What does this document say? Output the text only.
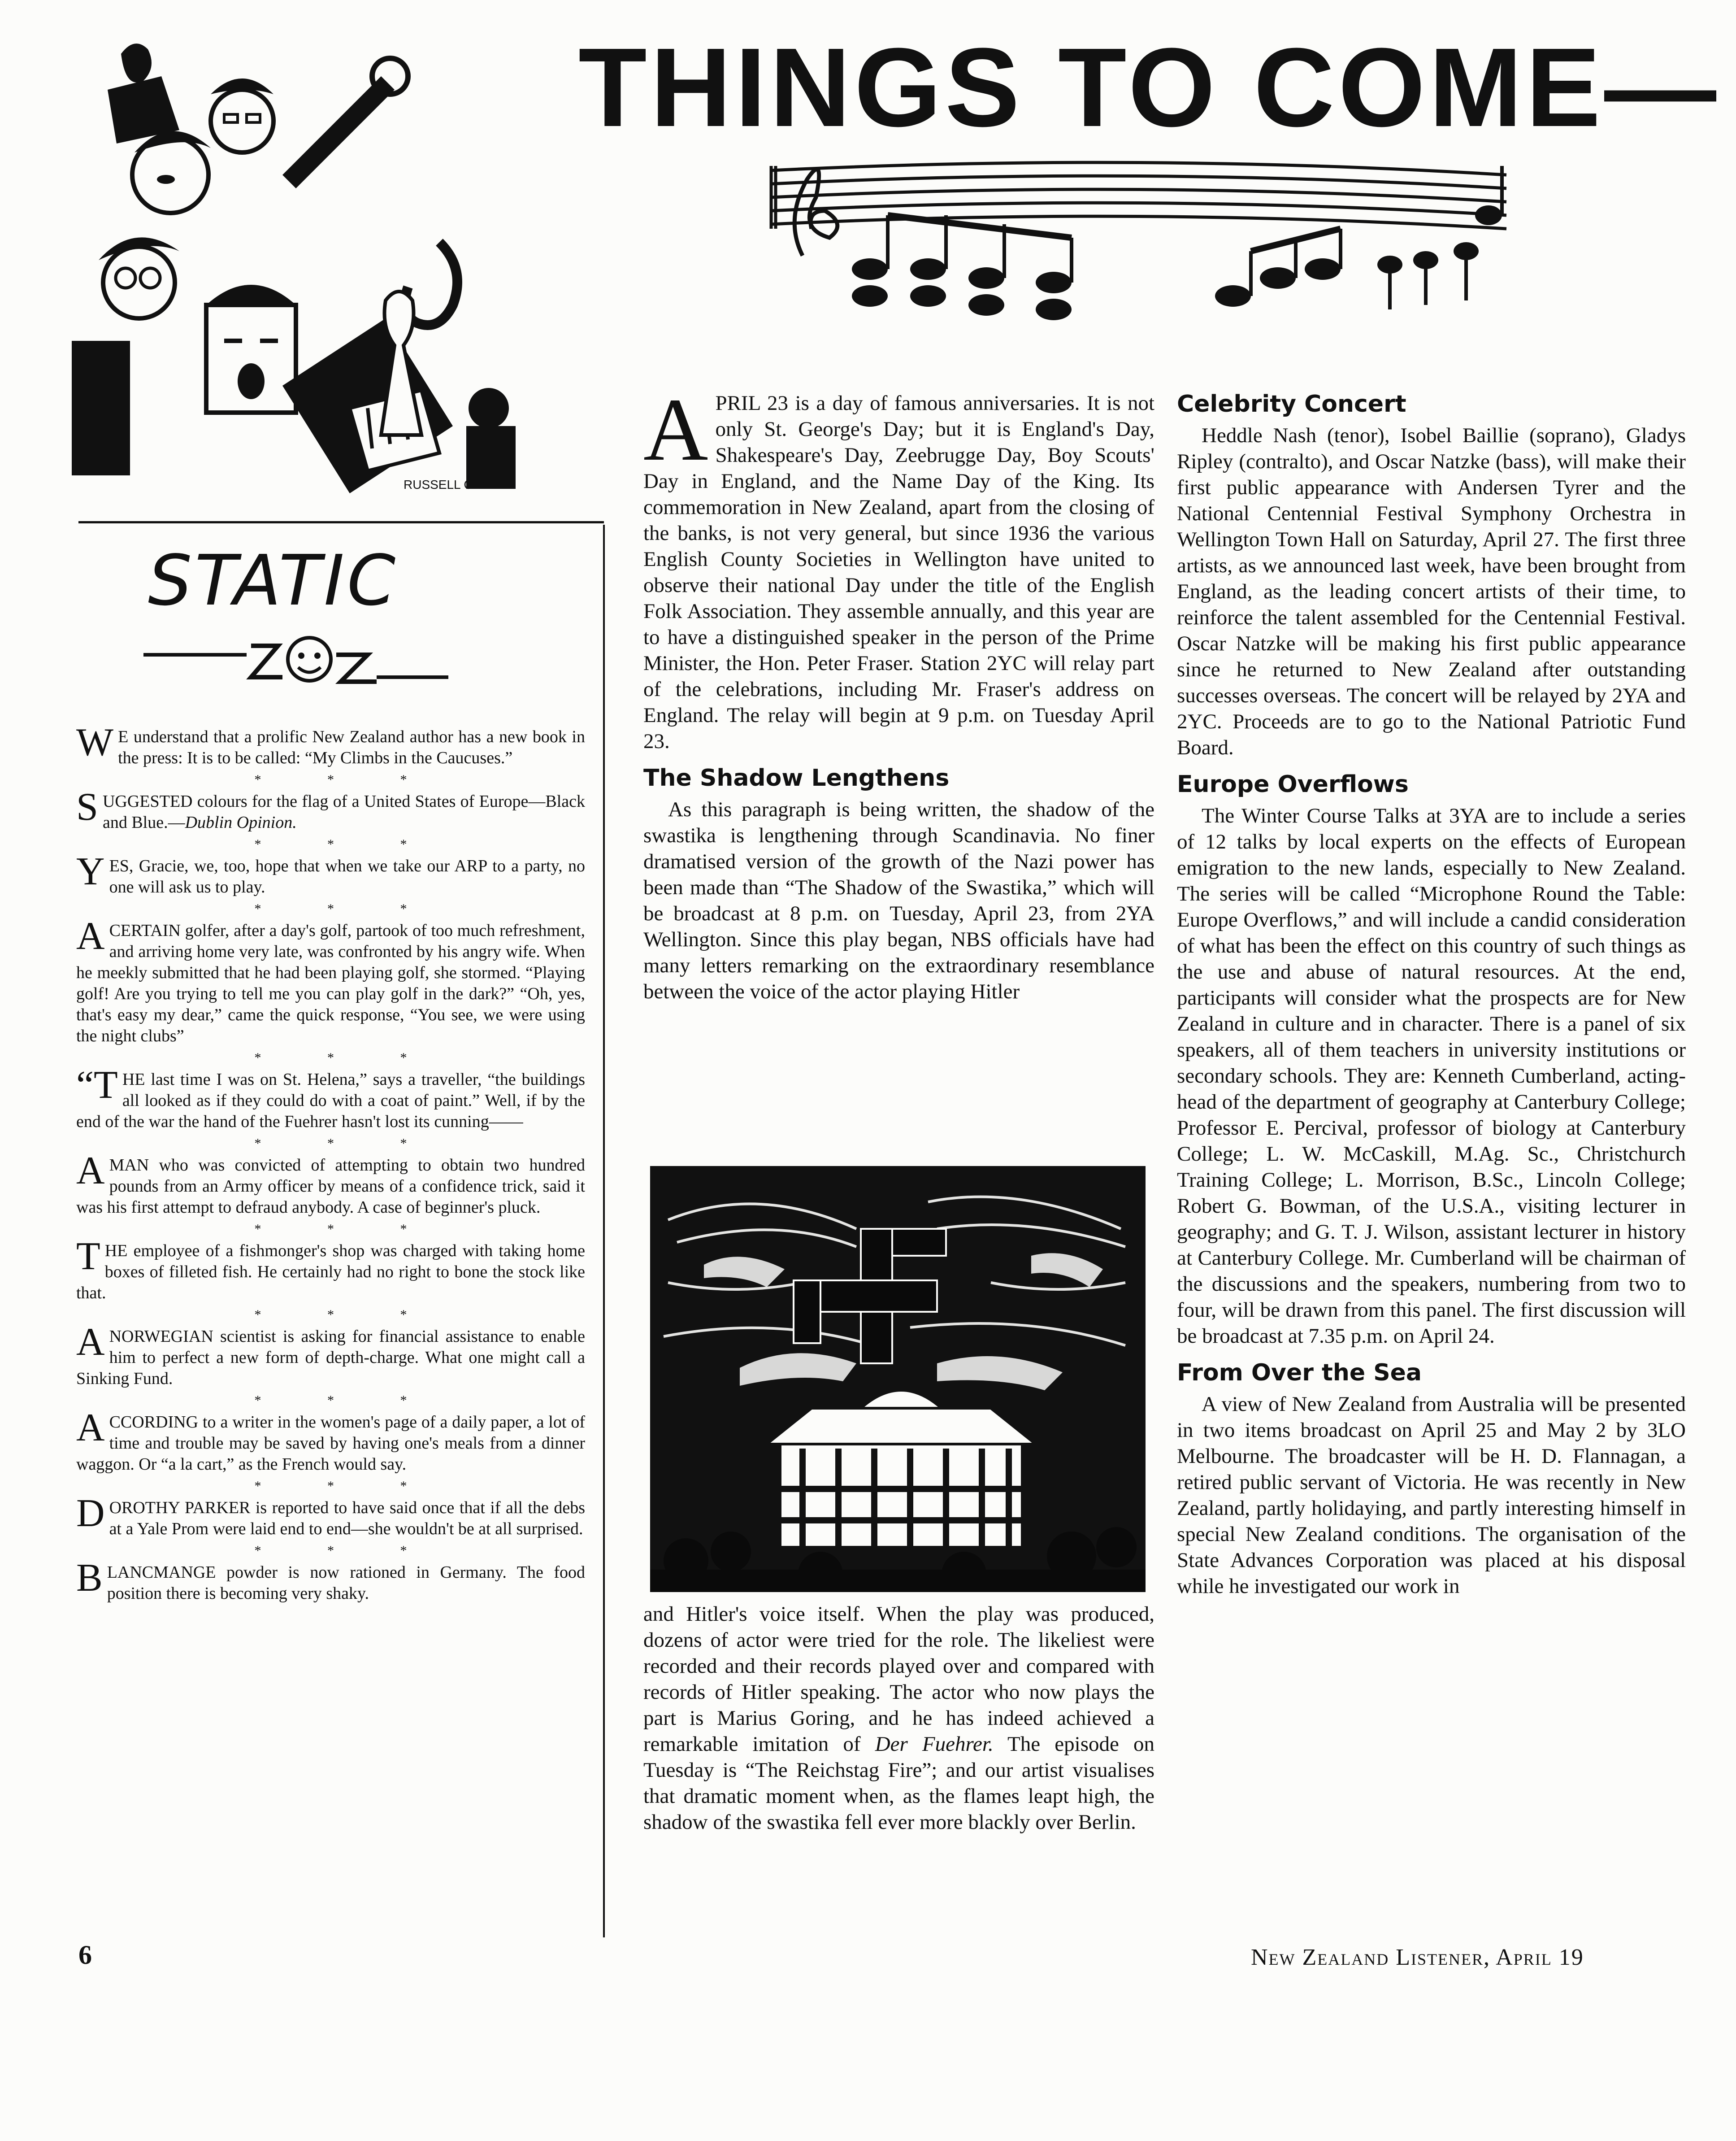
RUSSELL CLARK
THINGS TO COME—
STATIC

W E understand that a prolific New Zealand author has a new book in the press: It is to be called: “My Climbs in the Caucuses.”

* * *

SUGGESTED colours for the flag of a United States of Europe—Black and Blue.—Dublin Opinion.

* * *

YES, Gracie, we, too, hope that when we take our ARP to a party, no one will ask us to play.

* * *

A CERTAIN golfer, after a day's golf, partook of too much refreshment, and arriving home very late, was confronted by his angry wife. When he meekly submitted that he had been playing golf, she stormed. “Playing golf! Are you trying to tell me you can play golf in the dark?” “Oh, yes, that's easy my dear,” came the quick response, “You see, we were using the night clubs”

* * *

“THE last time I was on St. Helena,” says a traveller, “the buildings all looked as if they could do with a coat of paint.” Well, if by the end of the war the hand of the Fuehrer hasn't lost its cunning——

* * *

A MAN who was convicted of attempting to obtain two hundred pounds from an Army officer by means of a confidence trick, said it was his first attempt to defraud anybody. A case of beginner's pluck.

* * *

THE employee of a fishmonger's shop was charged with taking home boxes of filleted fish. He certainly had no right to bone the stock like that.

* * *

A NORWEGIAN scientist is asking for financial assistance to enable him to perfect a new form of depth-charge. What one might call a Sinking Fund.

* * *

ACCORDING to a writer in the women's page of a daily paper, a lot of time and trouble may be saved by having one's meals from a dinner waggon. Or “a la cart,” as the French would say.

* * *

DOROTHY PARKER is reported to have said once that if all the debs at a Yale Prom were laid end to end—she wouldn't be at all surprised.

* * *

BLANCMANGE powder is now rationed in Germany. The food position there is becoming very shaky.

APRIL 23 is a day of famous anniversaries. It is not only St. George's Day; but it is England's Day, Shakespeare's Day, Zeebrugge Day, Boy Scouts' Day in England, and the Name Day of the King. Its commemoration in New Zealand, apart from the closing of the banks, is not very general, but since 1936 the various English County Societies in Wellington have united to observe their national Day under the title of the English Folk Association. They assemble annually, and this year are to have a distinguished speaker in the person of the Prime Minister, the Hon. Peter Fraser. Station 2YC will relay part of the celebrations, including Mr. Fraser's address on England. The relay will begin at 9 p.m. on Tuesday April 23.

The Shadow Lengthens

As this paragraph is being written, the shadow of the swastika is lengthening through Scandinavia. No finer dramatised version of the growth of the Nazi power has been made than “The Shadow of the Swastika,” which will be broadcast at 8 p.m. on Tuesday, April 23, from 2YA Wellington. Since this play began, NBS officials have had many letters remarking on the extraordinary resemblance between the voice of the actor playing Hitler

and Hitler's voice itself. When the play was produced, dozens of actor were tried for the role. The likeliest were recorded and their records played over and compared with records of Hitler speaking. The actor who now plays the part is Marius Goring, and he has indeed achieved a remarkable imitation of Der Fuehrer. The episode on Tuesday is “The Reichstag Fire”; and our artist visualises that dramatic moment when, as the flames leapt high, the shadow of the swastika fell ever more blackly over Berlin.

Celebrity Concert

Heddle Nash (tenor), Isobel Baillie (soprano), Gladys Ripley (contralto), and Oscar Natzke (bass), will make their first public appearance with Andersen Tyrer and the National Centennial Festival Symphony Orchestra in Wellington Town Hall on Saturday, April 27. The first three artists, as we announced last week, have been brought from England, as the leading concert artists of their time, to reinforce the talent assembled for the Centennial Festival. Oscar Natzke will be making his first public appearance since he returned to New Zealand after outstanding successes overseas. The concert will be relayed by 2YA and 2YC. Proceeds are to go to the National Patriotic Fund Board.

Europe Overflows

The Winter Course Talks at 3YA are to include a series of 12 talks by local experts on the effects of European emigration to the new lands, especially to New Zealand. The series will be called “Microphone Round the Table: Europe Overflows,” and will include a candid consideration of what has been the effect on this country of such things as the use and abuse of natural resources. At the end, participants will consider what the prospects are for New Zealand in culture and in character. There is a panel of six speakers, all of them teachers in university institutions or secondary schools. They are: Kenneth Cumberland, acting-head of the department of geography at Canterbury College; Professor E. Percival, professor of biology at Canterbury College; L. W. McCaskill, M.Ag. Sc., Christchurch Training College; L. Morrison, B.Sc., Lincoln College; Robert G. Bowman, of the U.S.A., visiting lecturer in geography; and G. T. J. Wilson, assistant lecturer in history at Canterbury College. Mr. Cumberland will be chairman of the discussions and the speakers, numbering from two to four, will be drawn from this panel. The first discussion will be broadcast at 7.35 p.m. on April 24.

From Over the Sea

A view of New Zealand from Australia will be presented in two items broadcast on April 25 and May 2 by 3LO Melbourne. The broadcaster will be H. D. Flannagan, a retired public servant of Victoria. He was recently in New Zealand, partly holidaying, and partly interesting himself in special New Zealand conditions. The organisation of the State Advances Corporation was placed at his disposal while he investigated our work in

6	New Zealand Listener, April 19
